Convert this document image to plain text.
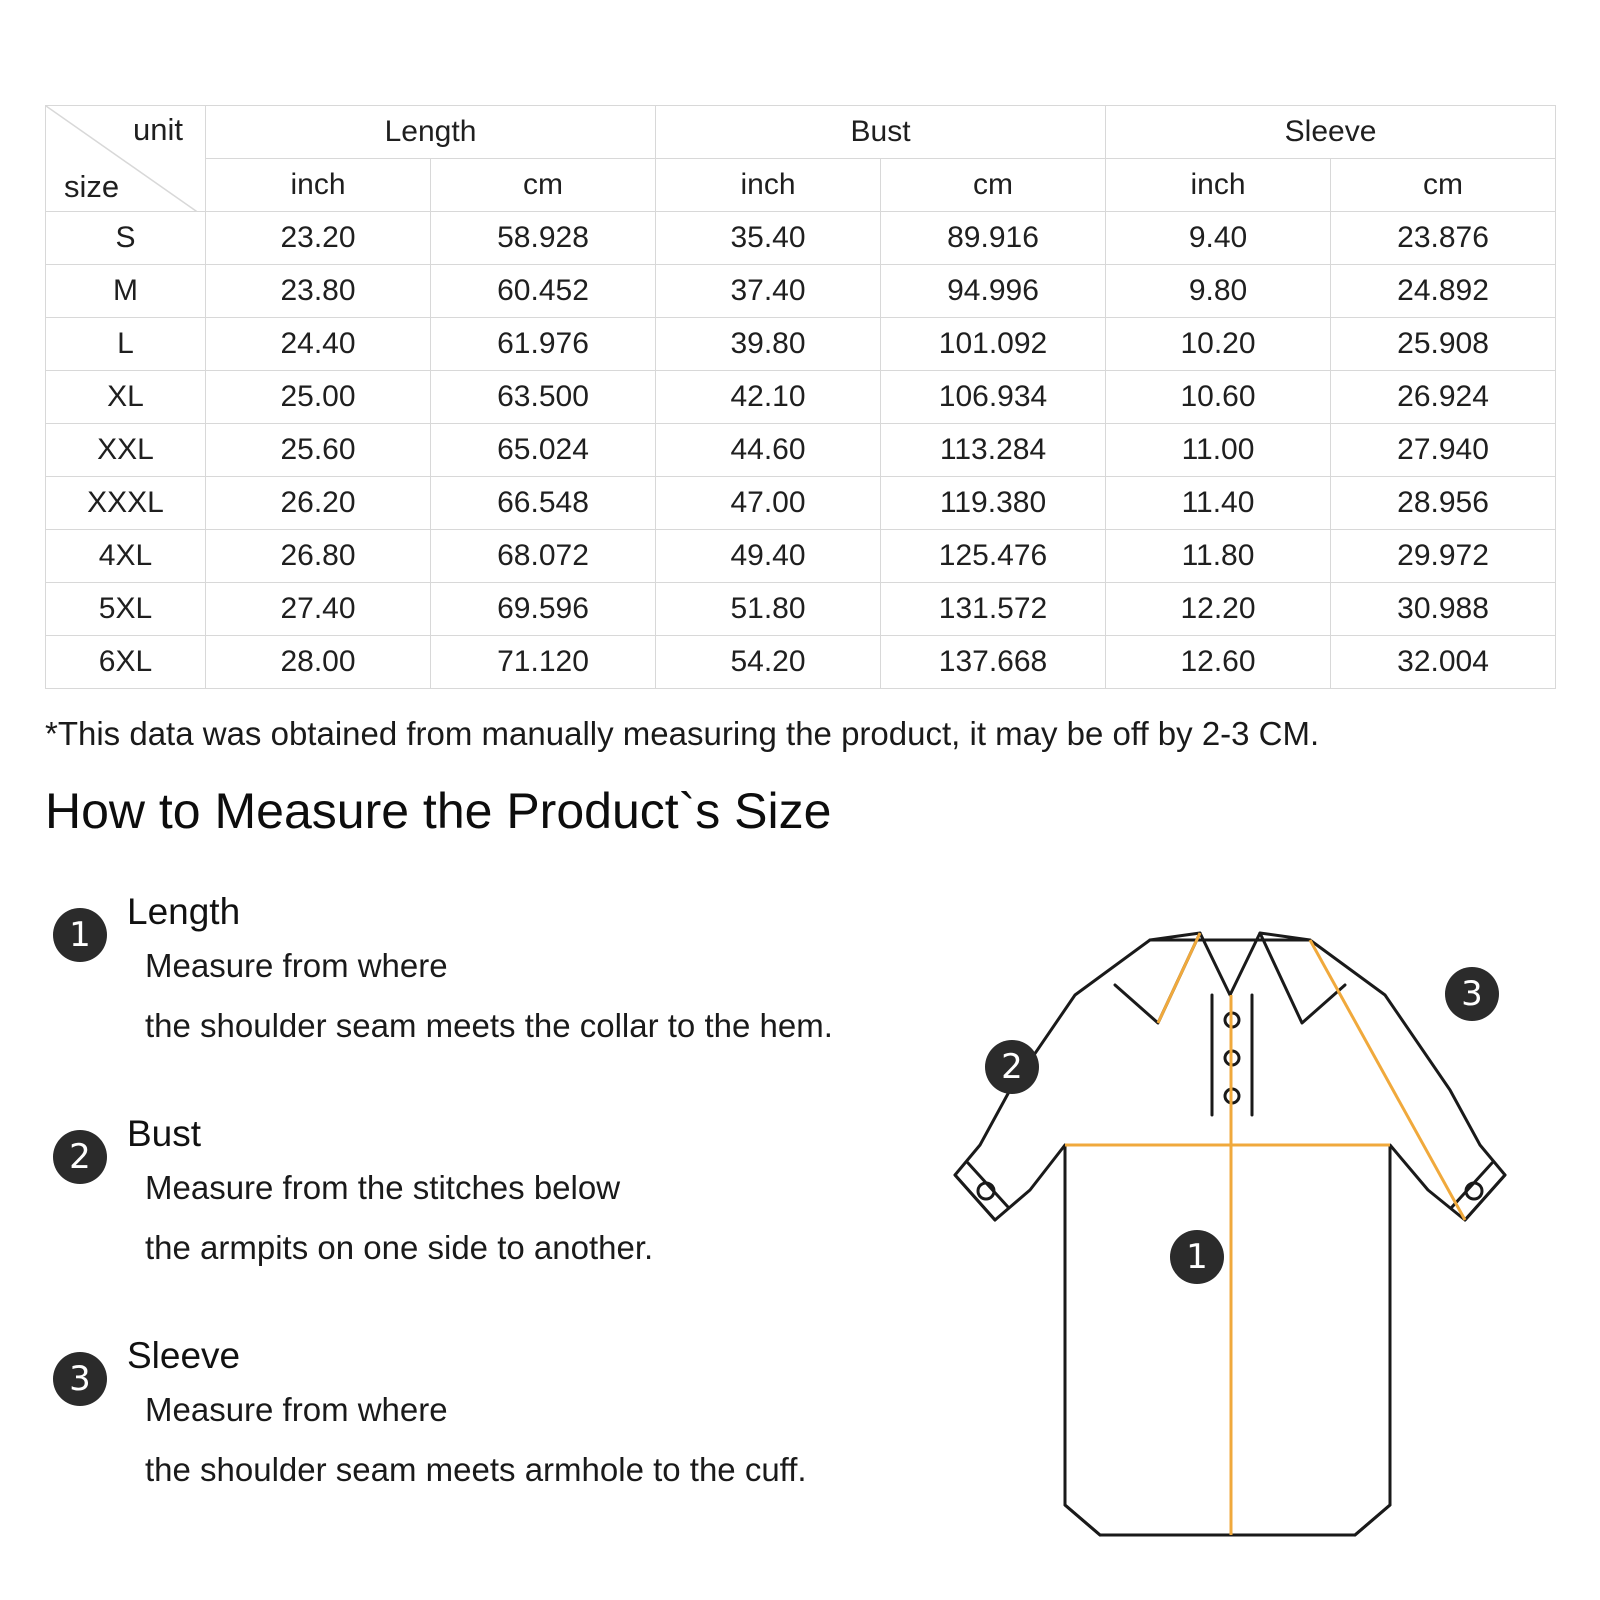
unit
size	Length		Bust		Sleeve	
	inch	cm	inch	cm	inch	cm
S	23.20	58.928	35.40	89.916	9.40	23.876
M	23.80	60.452	37.40	94.996	9.80	24.892
L	24.40	61.976	39.80	101.092	10.20	25.908
XL	25.00	63.500	42.10	106.934	10.60	26.924
XXL	25.60	65.024	44.60	113.284	11.00	27.940
XXXL	26.20	66.548	47.00	119.380	11.40	28.956
4XL	26.80	68.072	49.40	125.476	11.80	29.972
5XL	27.40	69.596	51.80	131.572	12.20	30.988
6XL	28.00	71.120	54.20	137.668	12.60	32.004
*This data was obtained from manually measuring the product, it may be off by 2-3 CM.
How to Measure the Product`s Size
1
Length
Measure from where
the shoulder seam meets the collar to the hem.
2
Bust
Measure from the stitches below
the armpits on one side to another.
3
Sleeve
Measure from where
the shoulder seam meets armhole to the cuff.
1
2
3
